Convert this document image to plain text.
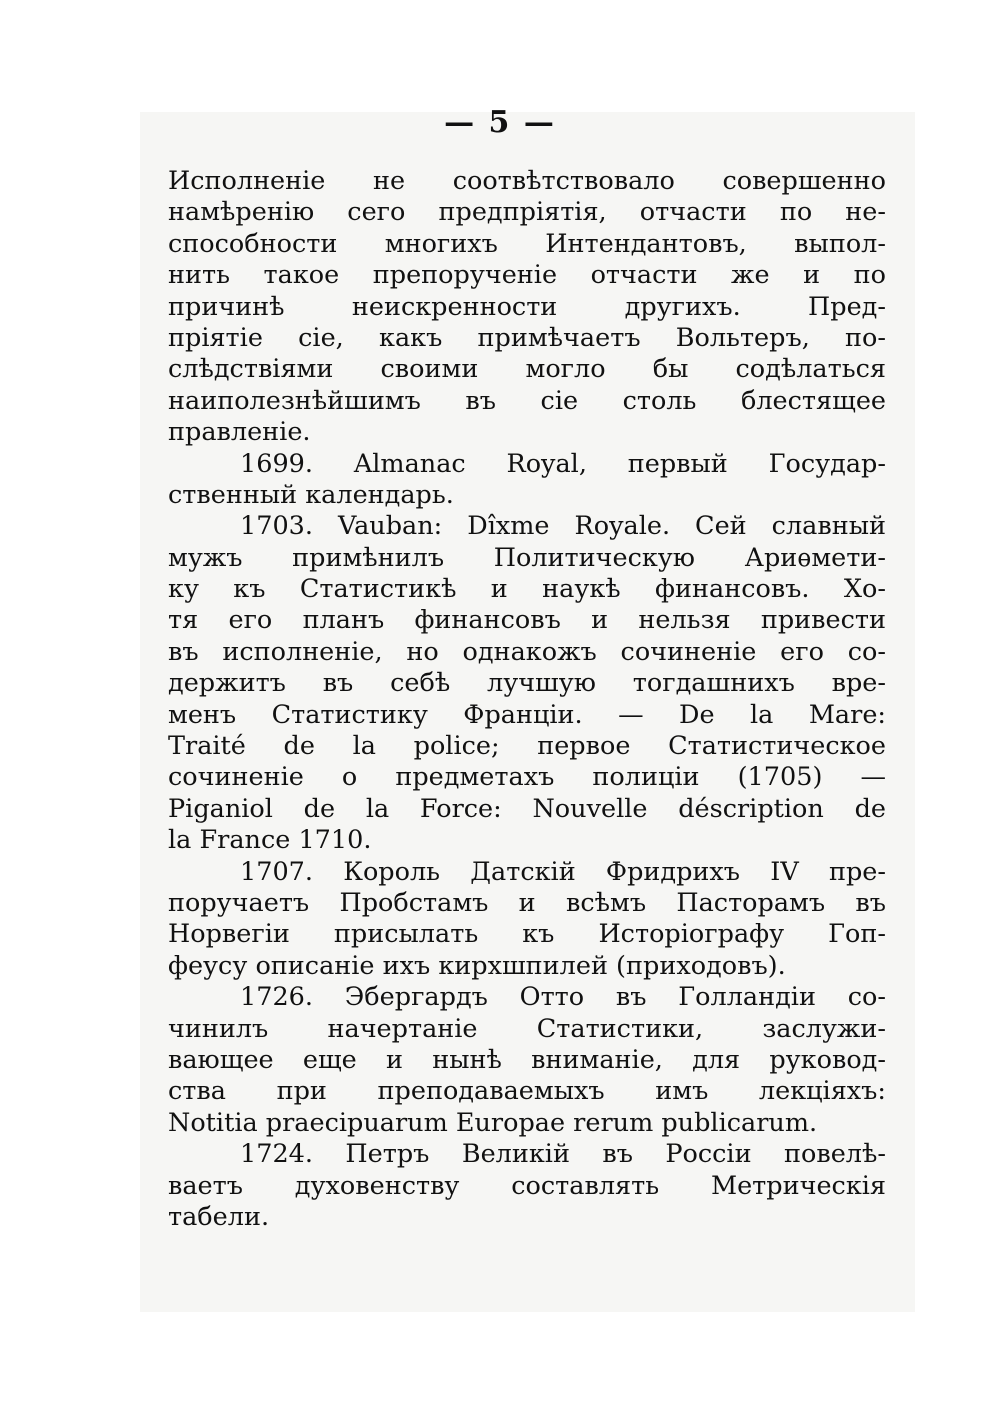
— 5 —
Исполненіе не соотвѣтствовало совершенно
намѣренію сего предпріятія, отчасти по не-
способности многихъ Интендантовъ, выпол-
нить такое препорученіе отчасти же и по
причинѣ неискренности другихъ. Пред-
пріятіе сіе, какъ примѣчаетъ Вольтеръ, по-
слѣдствіями своими могло бы содѣлаться
наиполезнѣйшимъ въ сіе столь блестящее
правленіе.
1699. Almanac Royal, первый Государ-
ственный календарь.
1703. Vauban: Dîxme Royale. Сей славный
мужъ примѣнилъ Политическую Ариѳмети-
ку къ Статистикѣ и наукѣ финансовъ. Хо-
тя его планъ финансовъ и нельзя привести
въ исполненіе, но однакожъ сочиненіе его со-
держитъ въ себѣ лучшую тогдашнихъ вре-
менъ Статистику Франціи. — De la Mare:
Traité de la police; первое Статистическое
сочиненіе о предметахъ полиціи (1705) —
Piganiol de la Force: Nouvelle déscription de
la France 1710.
1707. Король Датскій Фридрихъ IV пре-
поручаетъ Пробстамъ и всѣмъ Пасторамъ въ
Норвегіи присылать къ Исторіографу Гоп-
феусу описаніе ихъ кирхшпилей (приходовъ).
1726. Эбергардъ Отто въ Голландіи со-
чинилъ начертаніе Статистики, заслужи-
вающее еще и нынѣ вниманіе, для руковод-
ства при преподаваемыхъ имъ лекціяхъ:
Notitia praecipuarum Europae rerum publicarum.
1724. Петръ Великій въ Россіи повелѣ-
ваетъ духовенству составлять Метрическія
табели.
